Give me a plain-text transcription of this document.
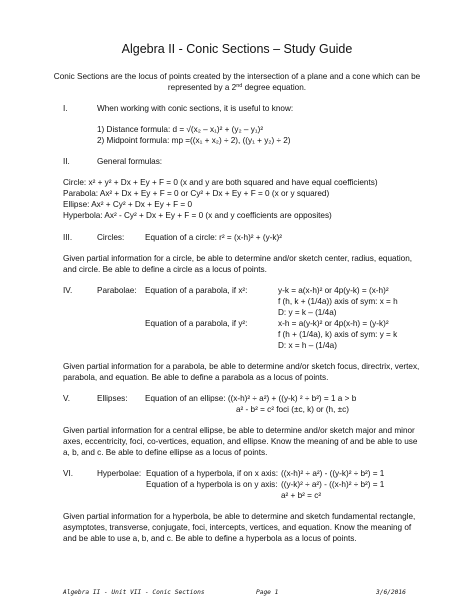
Algebra II - Conic Sections – Study Guide
Conic Sections are the locus of points created by the intersection of a plane and a cone which can be
represented by a 2nd degree equation.
I.	When working with conic sections, it is useful to know:
1) Distance formula: d = √(x₂ – x₁)² + (y₂ – y₁)²
2) Midpoint formula: mp =((x₁ + x₂) ÷ 2), ((y₁ + y₂) ÷ 2)
II.	General formulas:
Circle: x² + y² + Dx + Ey + F = 0 (x and y are both squared and have equal coefficients)
Parabola: Ax² + Dx + Ey + F = 0 or Cy² + Dx + Ey + F = 0 (x or y squared)
Ellipse: Ax² + Cy² + Dx + Ey + F = 0
Hyperbola: Ax² - Cy² + Dx + Ey + F = 0 (x and y coefficients are opposites)
III.	Circles:	Equation of a circle: r² = (x-h)² + (y-k)²
Given partial information for a circle, be able to determine and/or sketch center, radius, equation,
and circle. Be able to define a circle as a locus of points.
IV.	Parabolae: Equation of a parabola, if x²:	y-k = a(x-h)² or 4p(y-k) = (x-h)²
f (h, k + (1/4a)) axis of sym: x = h
D: y = k – (1/4a)
Equation of a parabola, if y²:	x-h = a(y-k)² or 4p(x-h) = (y-k)²
f (h + (1/4a), k) axis of sym: y = k
D: x = h – (1/4a)
Given partial information for a parabola, be able to determine and/or sketch focus, directrix, vertex,
parabola, and equation. Be able to define a parabola as a locus of points.
V.	Ellipses: Equation of an ellipse: ((x-h)² ÷ a²) + ((y-k) ² ÷ b²) = 1 a > b
a² - b² = c² foci (±c, k) or (h, ±c)
Given partial information for a central ellipse, be able to determine and/or sketch major and minor
axes, eccentricity, foci, co-vertices, equation, and ellipse. Know the meaning of and be able to use
a, b, and c. Be able to define ellipse as a locus of points.
VI.	Hyperbolae: Equation of a hyperbola, if on x axis: ((x-h)² ÷ a²) - ((y-k)² ÷ b²) = 1
Equation of a hyperbola is on y axis: ((y-k)² ÷ a²) - ((x-h)² ÷ b²) = 1
a² + b² = c²
Given partial information for a hyperbola, be able to determine and sketch fundamental rectangle,
asymptotes, transverse, conjugate, foci, intercepts, vertices, and equation. Know the meaning of
and be able to use a, b, and c. Be able to define a hyperbola as a locus of points.
Algebra II - Unit VII - Conic Sections	Page 1	3/6/2016
